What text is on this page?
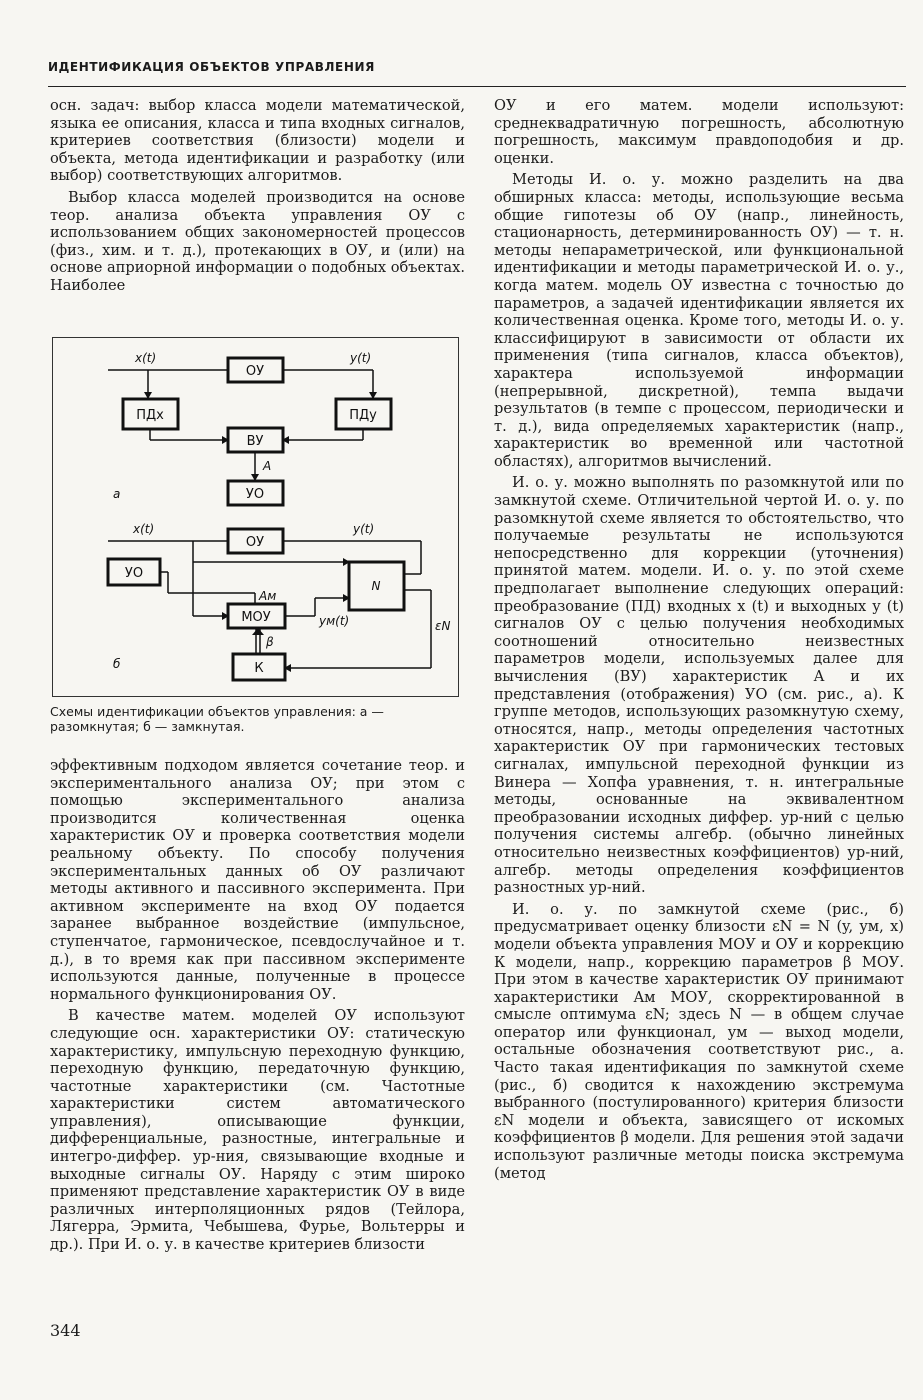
ИДЕНТИФИКАЦИЯ ОБЪЕКТОВ УПРАВЛЕНИЯ

осн. задач: выбор класса модели математической, языка ее описания, класса и типа входных сигналов, критериев соответствия (близости) модели и объекта, метода идентификации и разработку (или выбор) соответствующих алгоритмов.

Выбор класса моделей производится на основе теор. анализа объекта управления ОУ с использованием общих закономерностей процессов (физ., хим. и т. д.), протекающих в ОУ, и (или) на основе априорной информации о подобных объектах. Наиболее

ОУ
x(t)	y(t)
ПДx	ПДy
ВУ
A
УО
а
ОУ
x(t)	y(t)
N
УО
Aм
МОУ	yм(t)	εN
К
β
б
Схемы идентификации объектов управления: а — разомкнутая; б — замкнутая.

эффективным подходом является сочетание теор. и экспериментального анализа ОУ; при этом с помощью экспериментального анализа производится количественная оценка характеристик ОУ и проверка соответствия модели реальному объекту. По способу получения экспериментальных данных об ОУ различают методы активного и пассивного эксперимента. При активном эксперименте на вход ОУ подается заранее выбранное воздействие (импульсное, ступенчатое, гармоническое, псевдослучайное и т. д.), в то время как при пассивном эксперименте используются данные, полученные в процессе нормального функционирования ОУ.

В качестве матем. моделей ОУ используют следующие осн. характеристики ОУ: статическую характеристику, импульсную переходную функцию, переходную функцию, передаточную функцию, частотные характеристики (см. Частотные характеристики систем автоматического управления), описывающие функции, дифференциальные, разностные, интегральные и интегро-диффер. ур-ния, связывающие входные и выходные сигналы ОУ. Наряду с этим широко применяют представление характеристик ОУ в виде различных интерполяционных рядов (Тейлора, Лягерра, Эрмита, Чебышева, Фурье, Вольтерры и др.). При И. о. у. в качестве критериев близости

ОУ и его матем. модели используют: среднеквадратичную погрешность, абсолютную погрешность, максимум правдоподобия и др. оценки.

Методы И. о. у. можно разделить на два обширных класса: методы, использующие весьма общие гипотезы об ОУ (напр., линейность, стационарность, детерминированность ОУ) — т. н. методы непараметрической, или функциональной идентификации и методы параметрической И. о. у., когда матем. модель ОУ известна с точностью до параметров, а задачей идентификации является их количественная оценка. Кроме того, методы И. о. у. классифицируют в зависимости от области их применения (типа сигналов, класса объектов), характера используемой информации (непрерывной, дискретной), темпа выдачи результатов (в темпе с процессом, периодически и т. д.), вида определяемых характеристик (напр., характеристик во временной или частотной областях), алгоритмов вычислений.

И. о. у. можно выполнять по разомкнутой или по замкнутой схеме. Отличительной чертой И. о. у. по разомкнутой схеме является то обстоятельство, что получаемые результаты не используются непосредственно для коррекции (уточнения) принятой матем. модели. И. о. у. по этой схеме предполагает выполнение следующих операций: преобразование (ПД) входных x (t) и выходных y (t) сигналов ОУ с целью получения необходимых соотношений относительно неизвестных параметров модели, используемых далее для вычисления (ВУ) характеристик A и их представления (отображения) УО (см. рис., а). К группе методов, использующих разомкнутую схему, относятся, напр., методы определения частотных характеристик ОУ при гармонических тестовых сигналах, импульсной переходной функции из Винера — Хопфа уравнения, т. н. интегральные методы, основанные на эквивалентном преобразовании исходных диффер. ур-ний с целью получения системы алгебр. (обычно линейных относительно неизвестных коэффициентов) ур-ний, алгебр. методы определения коэффициентов разностных ур-ний.

И. о. у. по замкнутой схеме (рис., б) предусматривает оценку близости εN = N (y, yм, x) модели объекта управления МОУ и ОУ и коррекцию К модели, напр., коррекцию параметров β МОУ. При этом в качестве характеристик ОУ принимают характеристики Aм МОУ, скорректированной в смысле оптимума εN; здесь N — в общем случае оператор или функционал, yм — выход модели, остальные обозначения соответствуют рис., а. Часто такая идентификация по замкнутой схеме (рис., б) сводится к нахождению экстремума выбранного (постулированного) критерия близости εN модели и объекта, зависящего от искомых коэффициентов β модели. Для решения этой задачи используют различные методы поиска экстремума (метод

344
